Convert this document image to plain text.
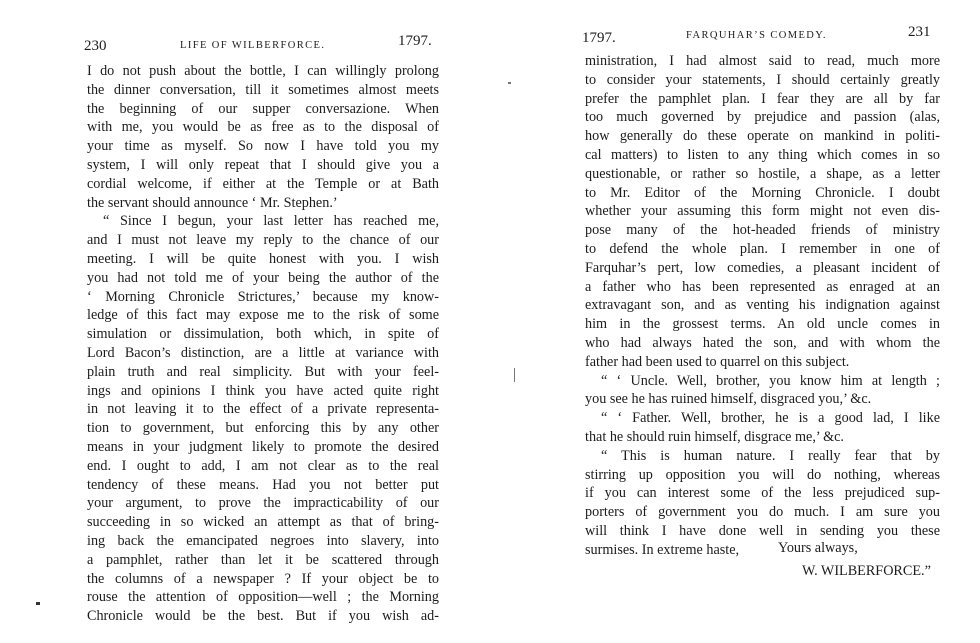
230	LIFE OF WILBERFORCE.	1797.
I do not push about the bottle, I can willingly prolong
the dinner conversation, till it sometimes almost meets
the beginning of our supper conversazione. When
with me, you would be as free as to the disposal of
your time as myself. So now I have told you my
system, I will only repeat that I should give you a
cordial welcome, if either at the Temple or at Bath
the servant should announce ‘ Mr. Stephen.’
“ Since I begun, your last letter has reached me,
and I must not leave my reply to the chance of our
meeting. I will be quite honest with you. I wish
you had not told me of your being the author of the
‘ Morning Chronicle Strictures,’ because my know-
ledge of this fact may expose me to the risk of some
simulation or dissimulation, both which, in spite of
Lord Bacon’s distinction, are a little at variance with
plain truth and real simplicity. But with your feel-
ings and opinions I think you have acted quite right
in not leaving it to the effect of a private representa-
tion to government, but enforcing this by any other
means in your judgment likely to promote the desired
end. I ought to add, I am not clear as to the real
tendency of these means. Had you not better put
your argument, to prove the impracticability of our
succeeding in so wicked an attempt as that of bring-
ing back the emancipated negroes into slavery, into
a pamphlet, rather than let it be scattered through
the columns of a newspaper ? If your object be to
rouse the attention of opposition—well ; the Morning
Chronicle would be the best. But if you wish ad-
1797.	FARQUHAR’S COMEDY.	231
ministration, I had almost said to read, much more
to consider your statements, I should certainly greatly
prefer the pamphlet plan. I fear they are all by far
too much governed by prejudice and passion (alas,
how generally do these operate on mankind in politi-
cal matters) to listen to any thing which comes in so
questionable, or rather so hostile, a shape, as a letter
to Mr. Editor of the Morning Chronicle. I doubt
whether your assuming this form might not even dis-
pose many of the hot-headed friends of ministry
to defend the whole plan. I remember in one of
Farquhar’s pert, low comedies, a pleasant incident of
a father who has been represented as enraged at an
extravagant son, and as venting his indignation against
him in the grossest terms. An old uncle comes in
who had always hated the son, and with whom the
father had been used to quarrel on this subject.
“ ‘ Uncle. Well, brother, you know him at length ;
you see he has ruined himself, disgraced you,’ &c.
“ ‘ Father. Well, brother, he is a good lad, I like
that he should ruin himself, disgrace me,’ &c.
“ This is human nature. I really fear that by
stirring up opposition you will do nothing, whereas
if you can interest some of the less prejudiced sup-
porters of government you do much. I am sure you
will think I have done well in sending you these
surmises. In extreme haste,	Yours always,
W. WILBERFORCE.”
